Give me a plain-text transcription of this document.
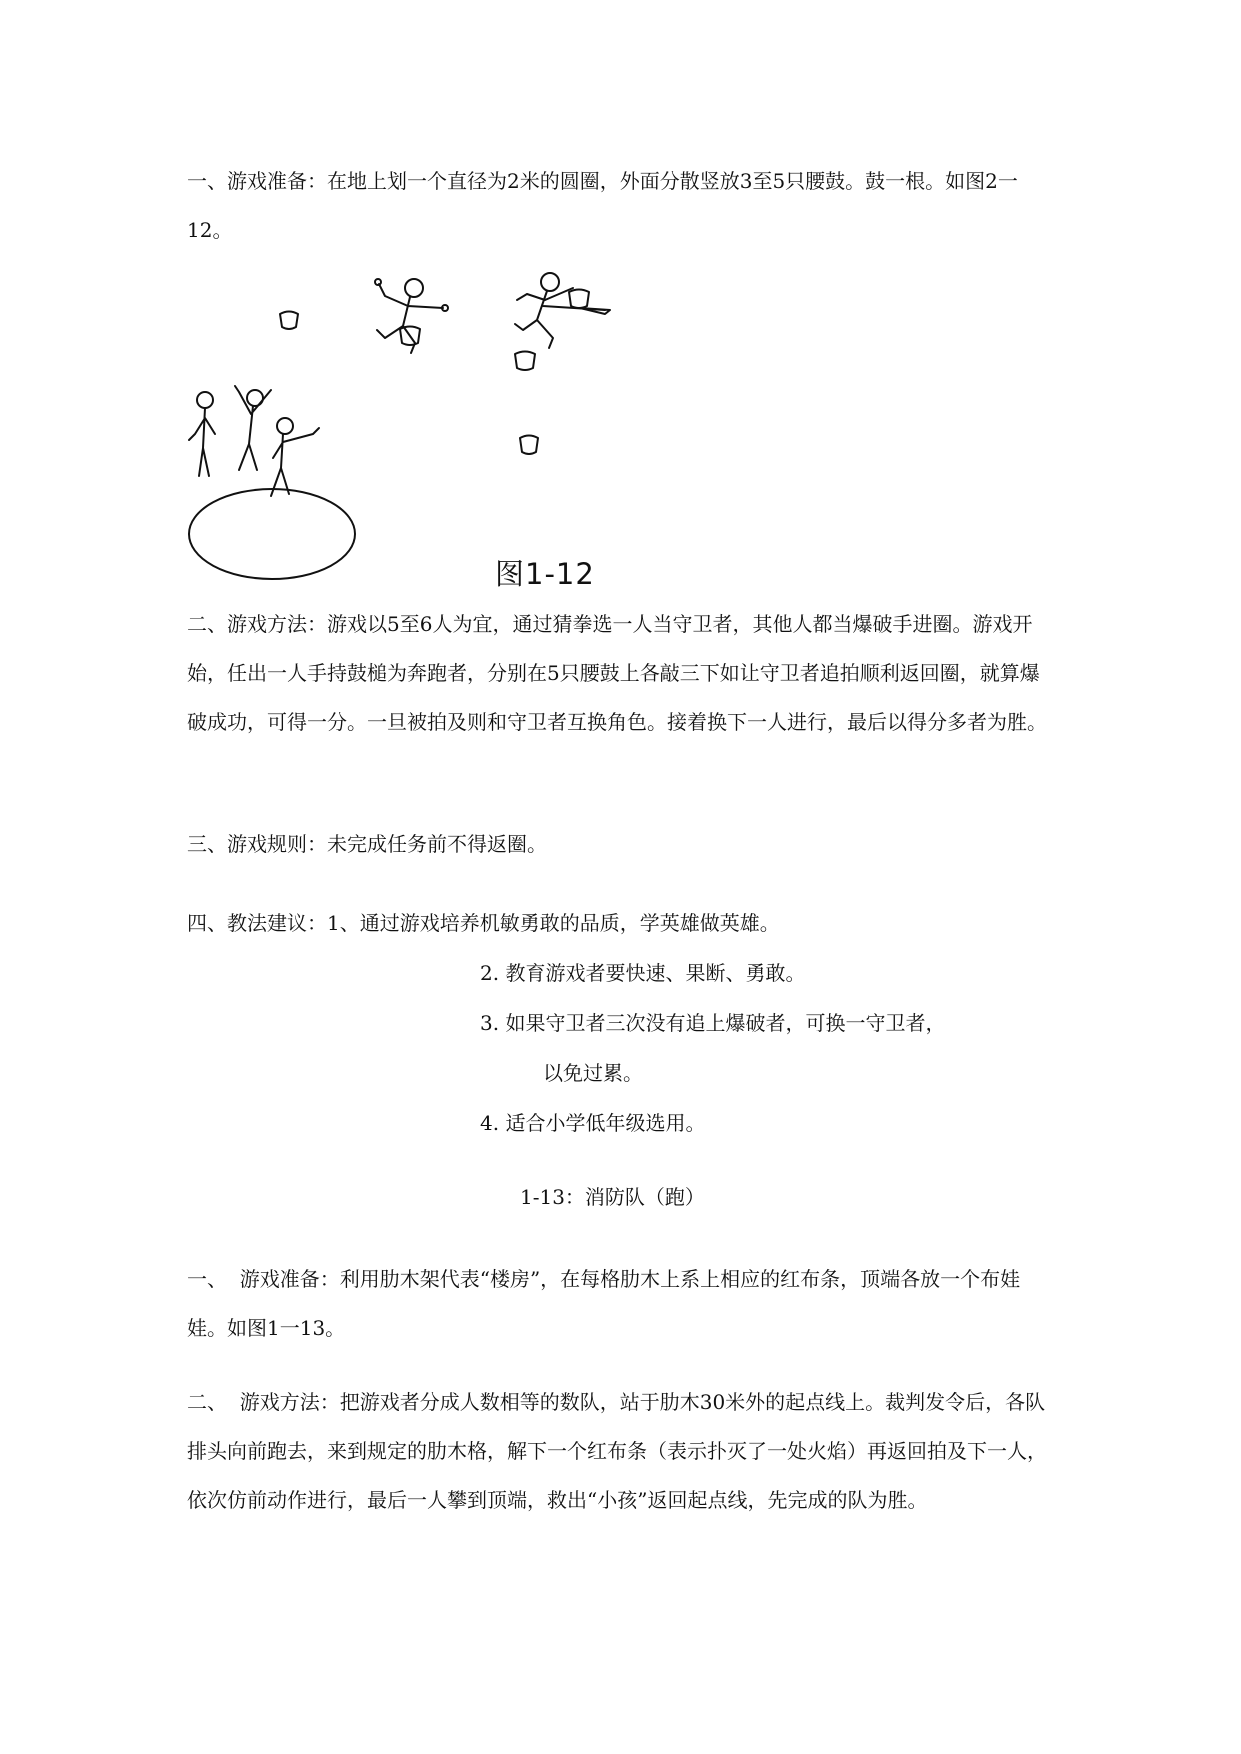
一、游戏准备：在地上划一个直径为2米的圆圈，外面分散竖放3至5只腰鼓。鼓一根。如图2一12。

图1-12

二、游戏方法：游戏以5至6人为宜，通过猜拳选一人当守卫者，其他人都当爆破手进圈。游戏开始，任出一人手持鼓槌为奔跑者，分别在5只腰鼓上各敲三下如让守卫者追拍顺利返回圈，就算爆破成功，可得一分。一旦被拍及则和守卫者互换角色。接着换下一人进行，最后以得分多者为胜。

三、游戏规则：未完成任务前不得返圈。

四、教法建议：1、通过游戏培养机敏勇敢的品质，学英雄做英雄。

2. 教育游戏者要快速、果断、勇敢。

3. 如果守卫者三次没有追上爆破者，可换一守卫者，

以免过累。

4. 适合小学低年级选用。

1-13：消防队（跑）

一、  游戏准备：利用肋木架代表“楼房”，在每格肋木上系上相应的红布条，顶端各放一个布娃娃。如图1一13。

二、  游戏方法：把游戏者分成人数相等的数队，站于肋木30米外的起点线上。裁判发令后，各队排头向前跑去，来到规定的肋木格，解下一个红布条（表示扑灭了一处火焰）再返回拍及下一人，依次仿前动作进行，最后一人攀到顶端，救出“小孩”返回起点线，先完成的队为胜。
